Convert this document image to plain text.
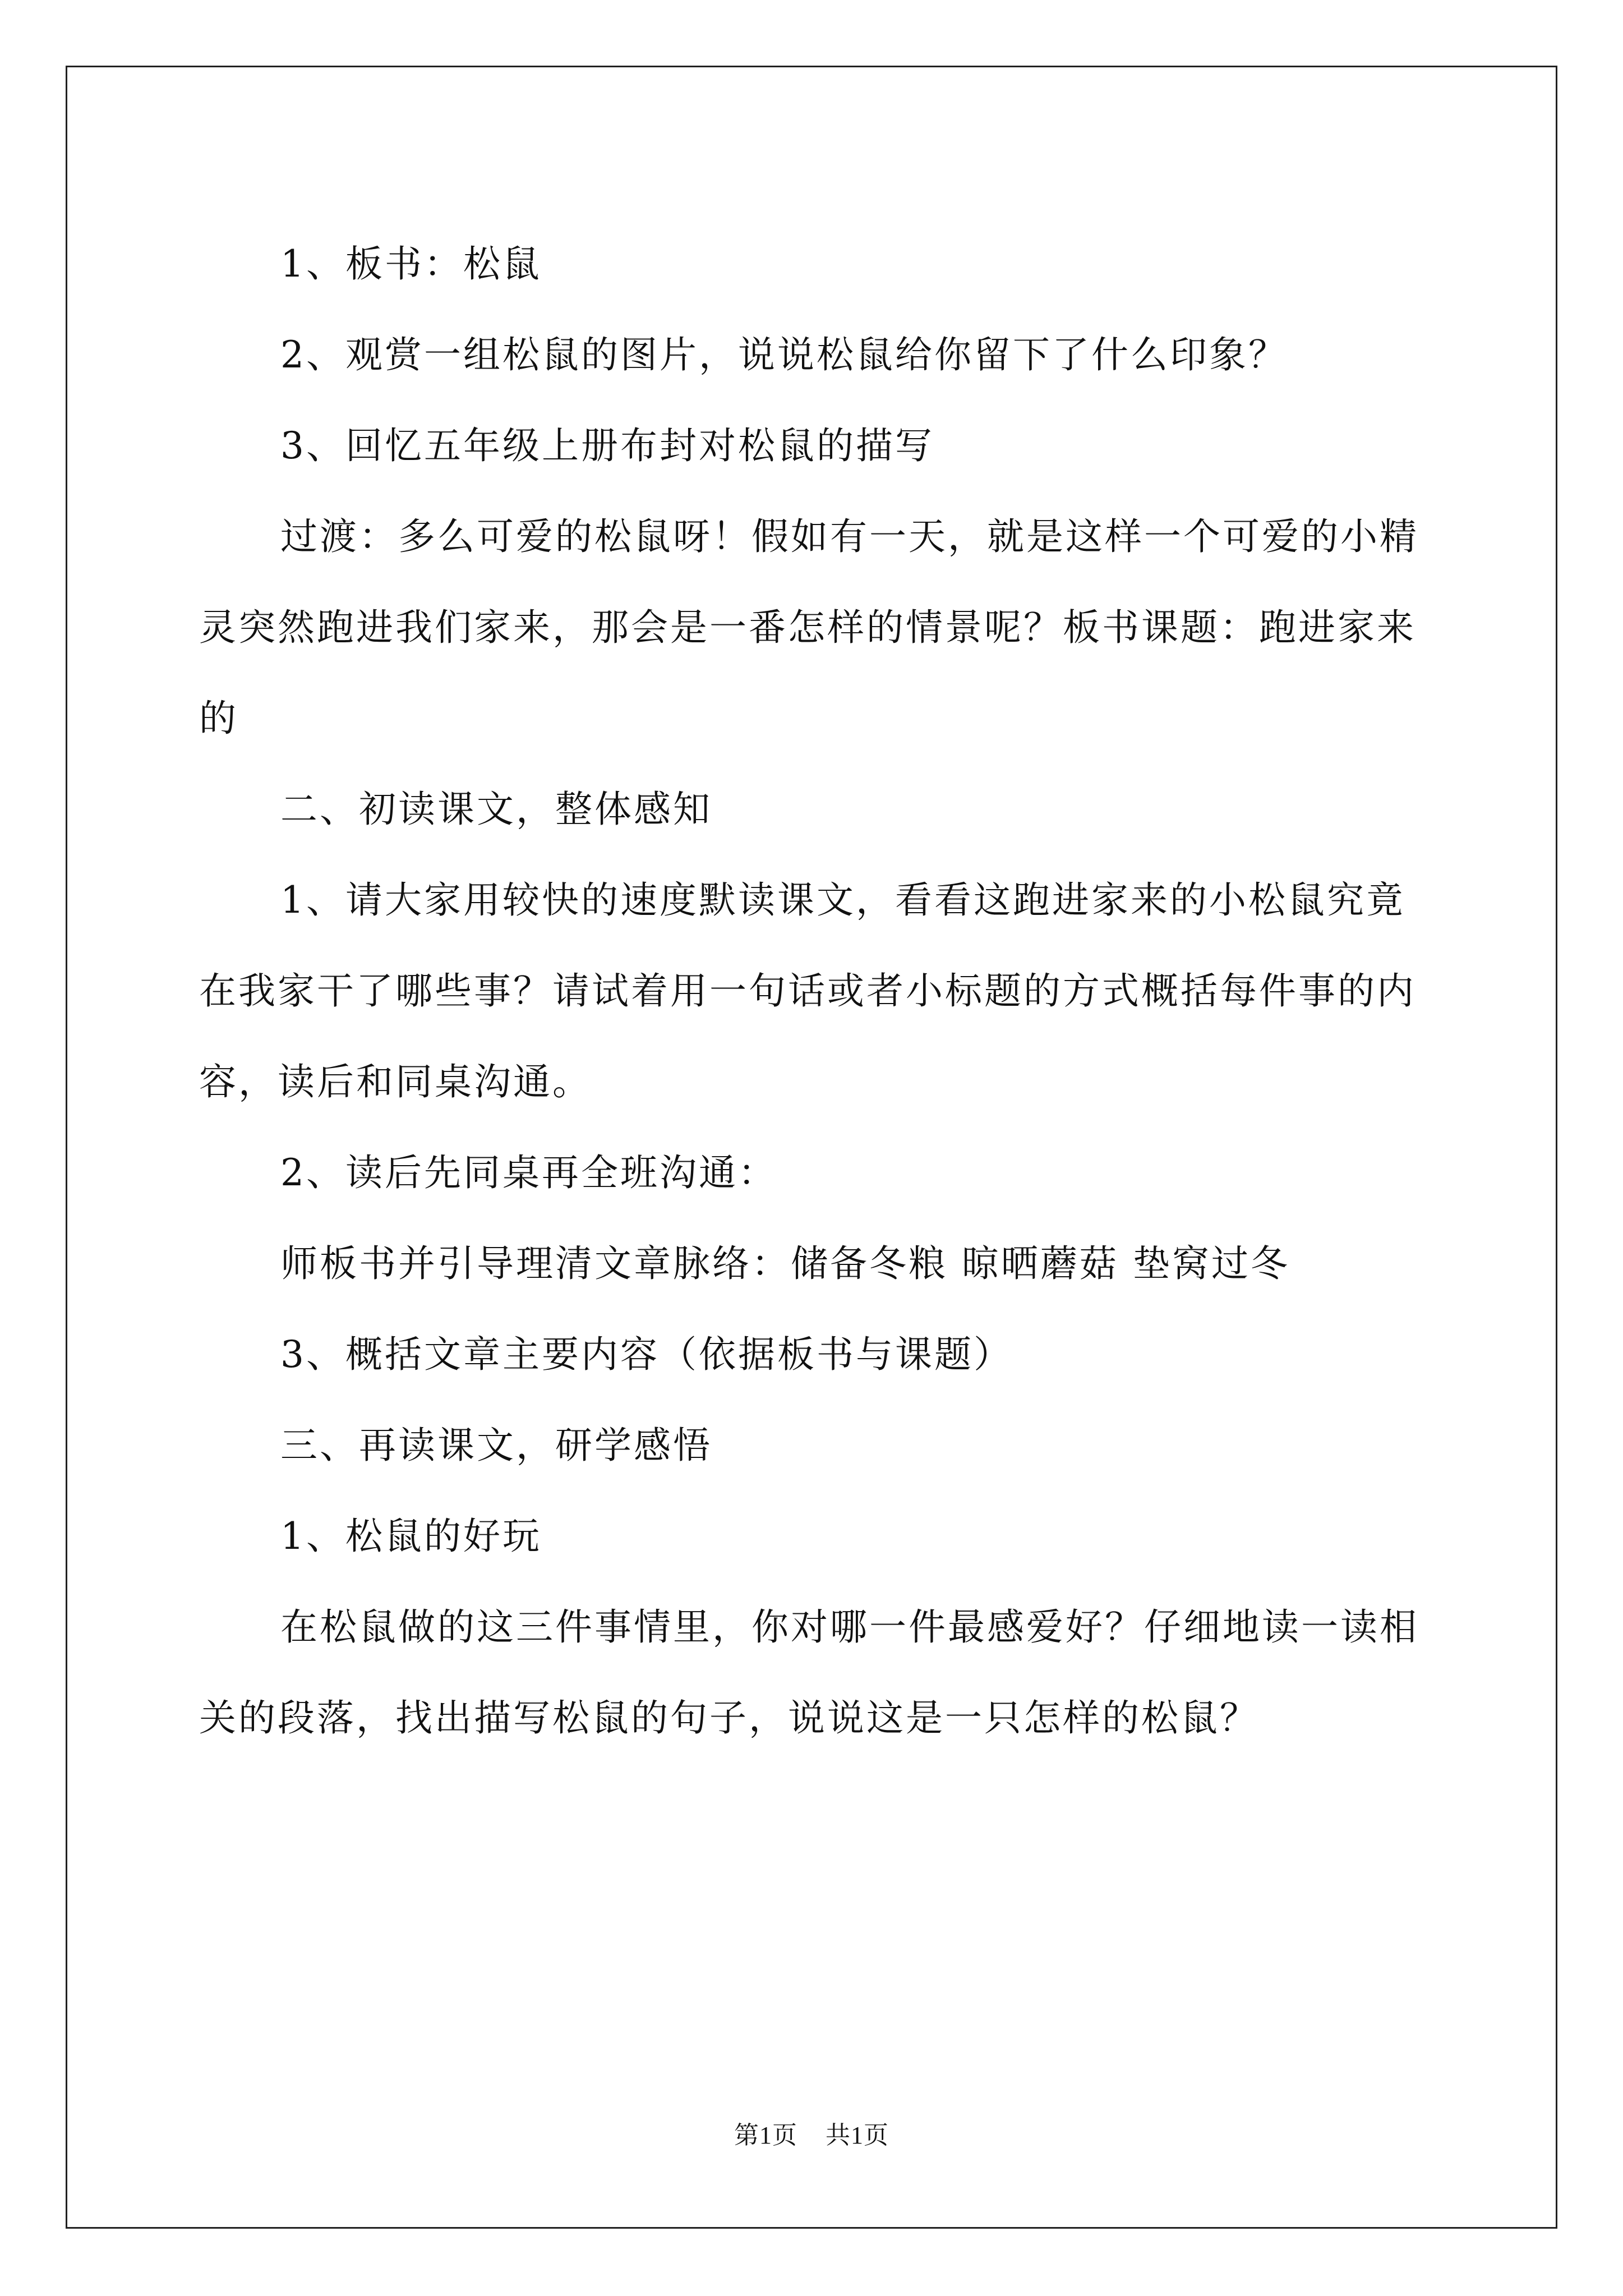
1、板书：松鼠

2、观赏一组松鼠的图片，说说松鼠给你留下了什么印象？

3、回忆五年级上册布封对松鼠的描写

过渡：多么可爱的松鼠呀！假如有一天，就是这样一个可爱的小精灵突然跑进我们家来，那会是一番怎样的情景呢？板书课题：跑进家来的

二、初读课文，整体感知

1、请大家用较快的速度默读课文，看看这跑进家来的小松鼠究竟在我家干了哪些事？请试着用一句话或者小标题的方式概括每件事的内容，读后和同桌沟通。

2、读后先同桌再全班沟通：

师板书并引导理清文章脉络：储备冬粮 晾晒蘑菇 垫窝过冬

3、概括文章主要内容（依据板书与课题）

三、再读课文，研学感悟

1、松鼠的好玩

在松鼠做的这三件事情里，你对哪一件最感爱好？仔细地读一读相关的段落，找出描写松鼠的句子，说说这是一只怎样的松鼠？

第1页 共1页
